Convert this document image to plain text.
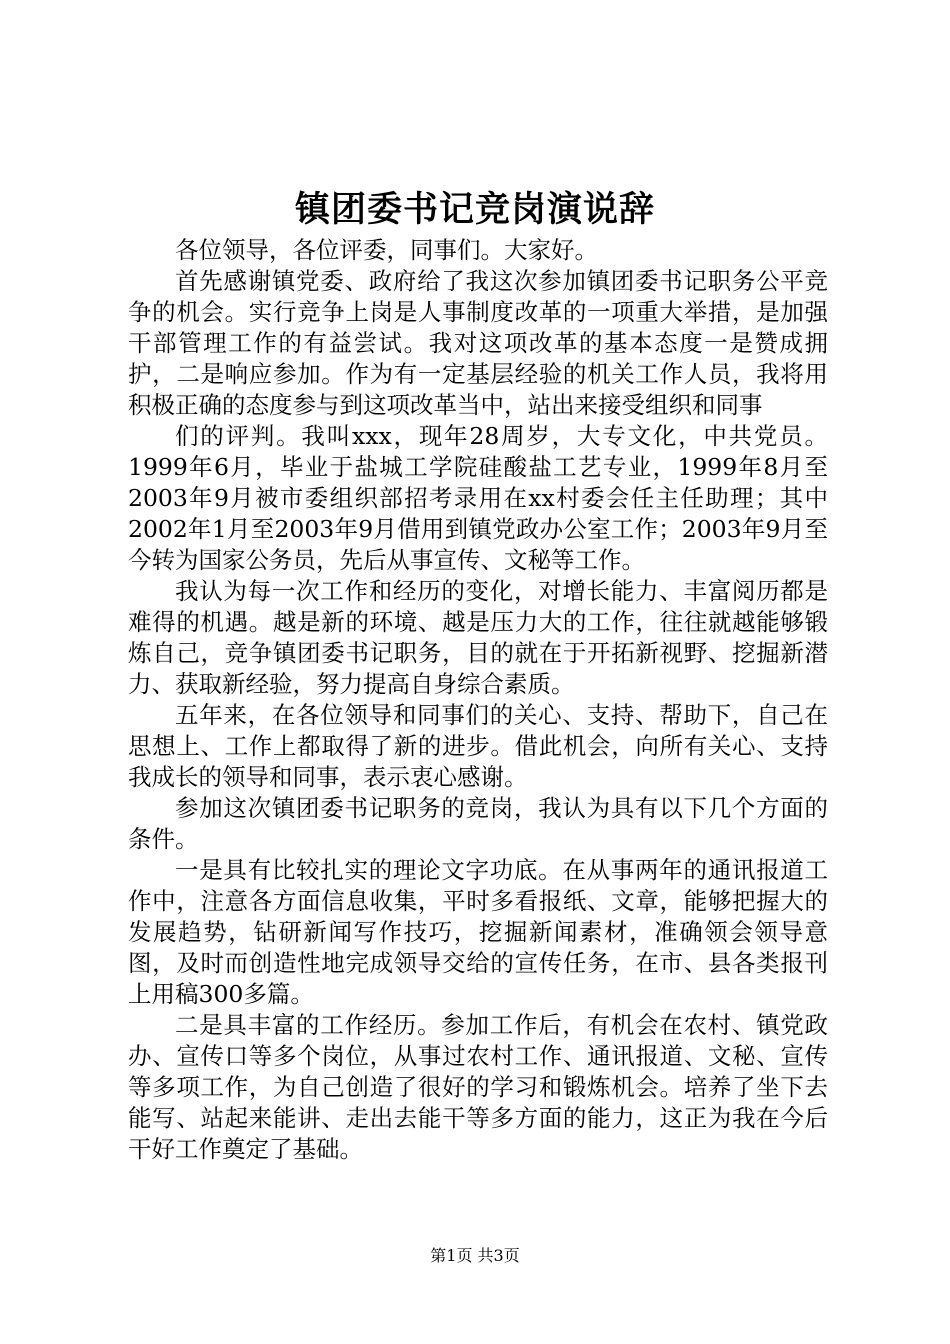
镇团委书记竞岗演说辞

各位领导，各位评委，同事们。大家好。

首先感谢镇党委、政府给了我这次参加镇团委书记职务公平竞争的机会。实行竞争上岗是人事制度改革的一项重大举措，是加强干部管理工作的有益尝试。我对这项改革的基本态度一是赞成拥护，二是响应参加。作为有一定基层经验的机关工作人员，我将用积极正确的态度参与到这项改革当中，站出来接受组织和同事

们的评判。我叫xxx，现年28周岁，大专文化，中共党员。1999年6月，毕业于盐城工学院硅酸盐工艺专业，1999年8月至2003年9月被市委组织部招考录用在xx村委会任主任助理；其中2002年1月至2003年9月借用到镇党政办公室工作；2003年9月至今转为国家公务员，先后从事宣传、文秘等工作。

我认为每一次工作和经历的变化，对增长能力、丰富阅历都是难得的机遇。越是新的环境、越是压力大的工作，往往就越能够锻炼自己，竞争镇团委书记职务，目的就在于开拓新视野、挖掘新潜力、获取新经验，努力提高自身综合素质。

五年来，在各位领导和同事们的关心、支持、帮助下，自己在思想上、工作上都取得了新的进步。借此机会，向所有关心、支持我成长的领导和同事，表示衷心感谢。

参加这次镇团委书记职务的竞岗，我认为具有以下几个方面的条件。

一是具有比较扎实的理论文字功底。在从事两年的通讯报道工作中，注意各方面信息收集，平时多看报纸、文章，能够把握大的发展趋势，钻研新闻写作技巧，挖掘新闻素材，准确领会领导意图，及时而创造性地完成领导交给的宣传任务，在市、县各类报刊上用稿300多篇。

二是具丰富的工作经历。参加工作后，有机会在农村、镇党政办、宣传口等多个岗位，从事过农村工作、通讯报道、文秘、宣传等多项工作，为自己创造了很好的学习和锻炼机会。培养了坐下去能写、站起来能讲、走出去能干等多方面的能力，这正为我在今后干好工作奠定了基础。

第1页 共3页
